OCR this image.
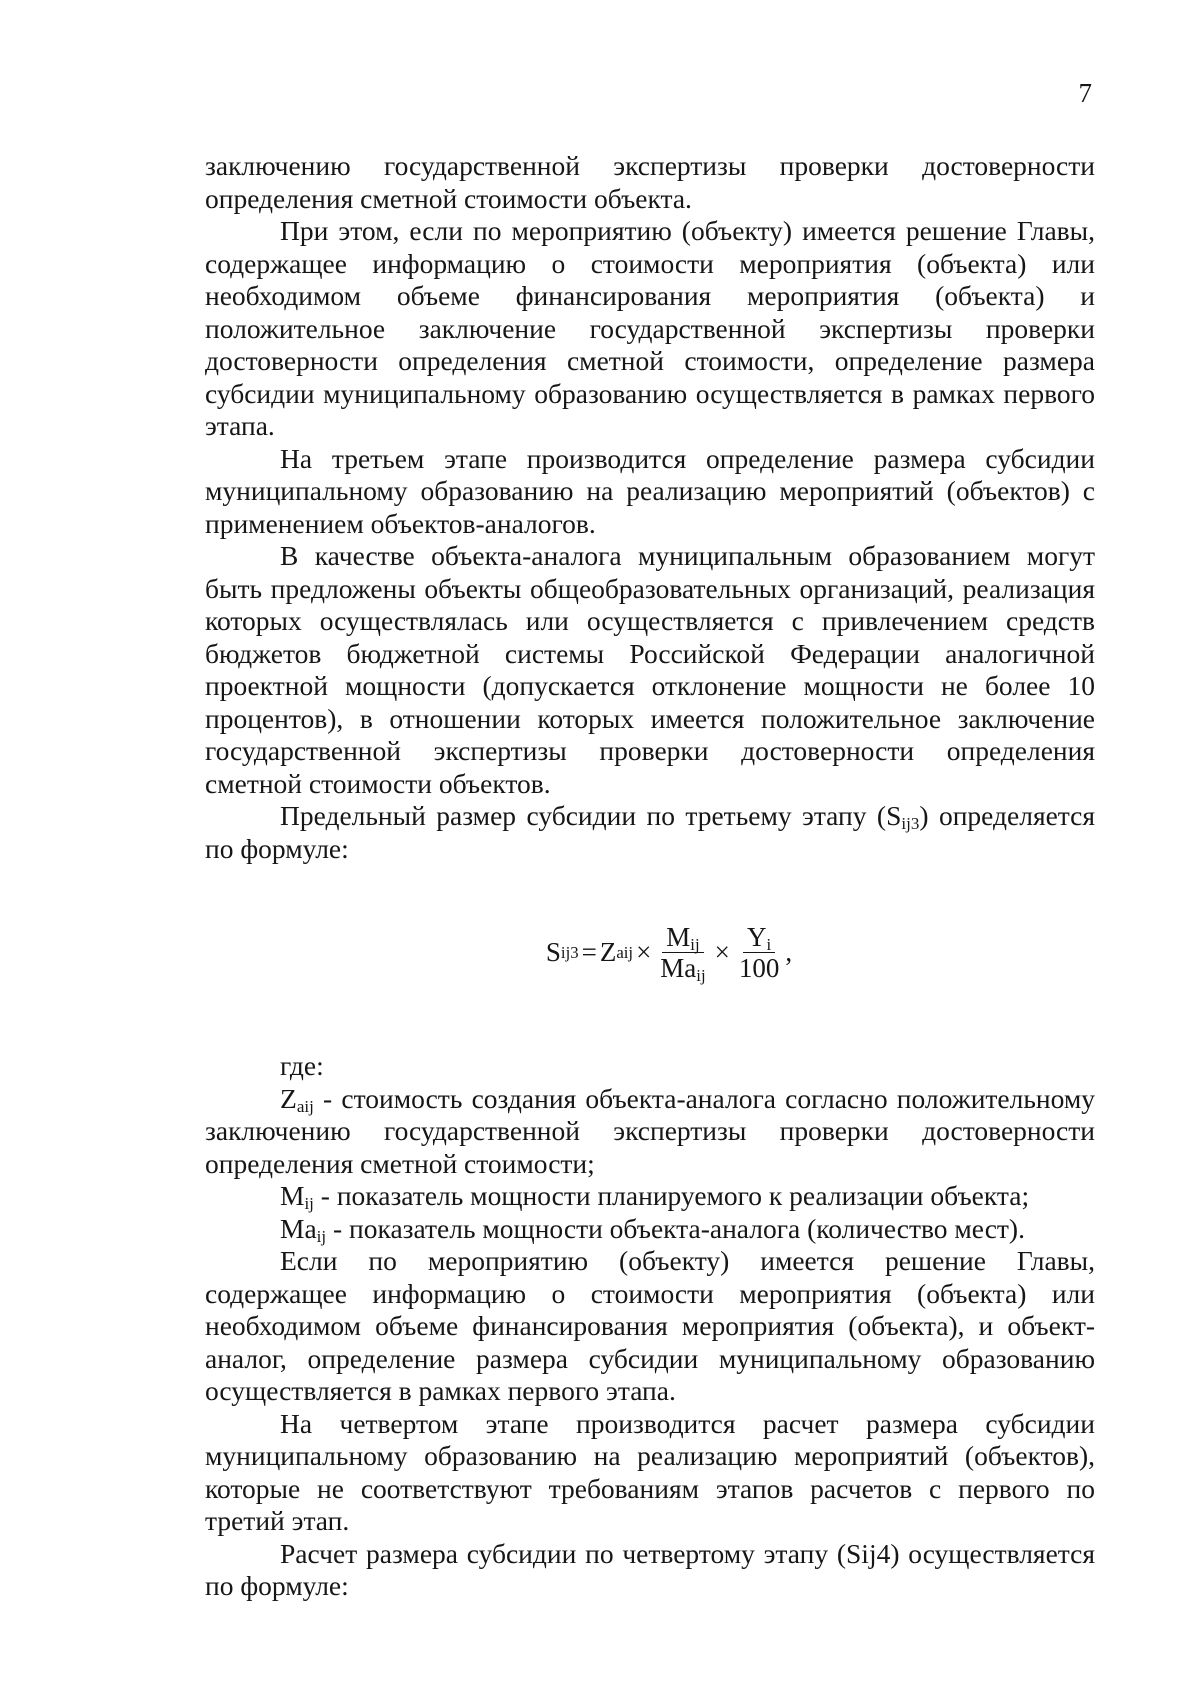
7

заключению государственной экспертизы проверки достоверности определения сметной стоимости объекта.

При этом, если по мероприятию (объекту) имеется решение Главы, содержащее информацию о стоимости мероприятия (объекта) или необходимом объеме финансирования мероприятия (объекта) и положительное заключение государственной экспертизы проверки достоверности определения сметной стоимости, определение размера субсидии муниципальному образованию осуществляется в рамках первого этапа.

На третьем этапе производится определение размера субсидии муниципальному образованию на реализацию мероприятий (объектов) с применением объектов-аналогов.

В качестве объекта-аналога муниципальным образованием могут быть предложены объекты общеобразовательных организаций, реализация которых осуществлялась или осуществляется с привлечением средств бюджетов бюджетной системы Российской Федерации аналогичной проектной мощности (допускается отклонение мощности не более 10 процентов), в отношении которых имеется положительное заключение государственной экспертизы проверки достоверности определения сметной стоимости объектов.

Предельный размер субсидии по третьему этапу $(S_{ij3})$ определяется по формуле:

S ij3 = Z aij × $\frac{M_{ij}}{Ma_{ij}} \times \frac{Y_i}{100}$ ,

где:

$Z_{aij}$ - стоимость создания объекта-аналога согласно положительному заключению государственной экспертизы проверки достоверности определения сметной стоимости;

$M_{ij}$ - показатель мощности планируемого к реализации объекта;

$Ma_{ij}$ - показатель мощности объекта-аналога (количество мест).

Если по мероприятию (объекту) имеется решение Главы, содержащее информацию о стоимости мероприятия (объекта) или необходимом объеме финансирования мероприятия (объекта), и объект-аналог, определение размера субсидии муниципальному образованию осуществляется в рамках первого этапа.

На четвертом этапе производится расчет размера субсидии муниципальному образованию на реализацию мероприятий (объектов), которые не соответствуют требованиям этапов расчетов с первого по третий этап.

Расчет размера субсидии по четвертому этапу (Sij4) осуществляется по формуле:
